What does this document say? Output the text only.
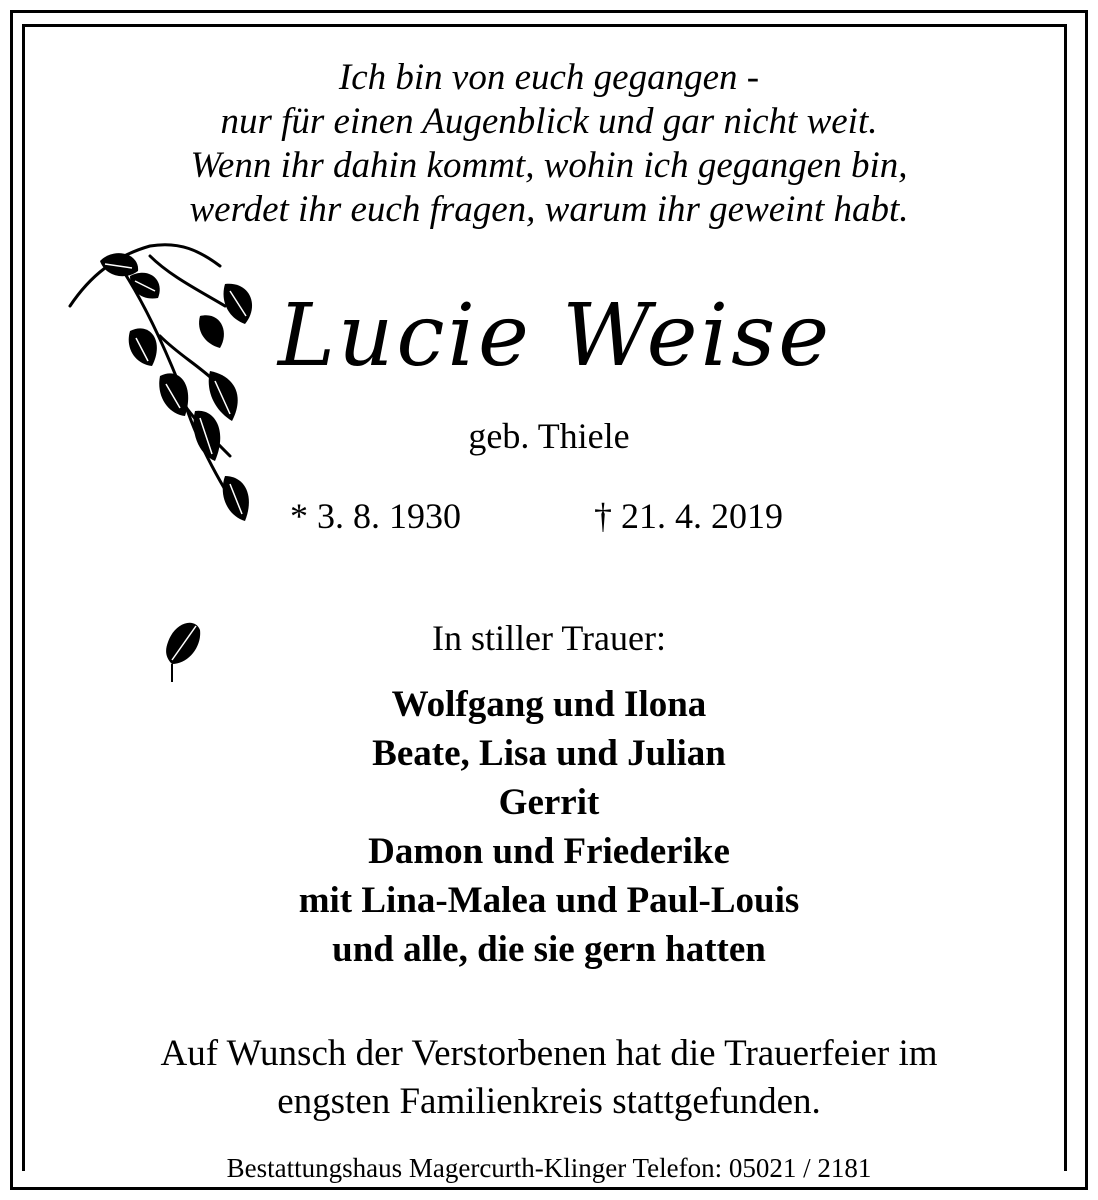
Ich bin von euch gegangen -
nur für einen Augenblick und gar nicht weit.
Wenn ihr dahin kommt, wohin ich gegangen bin,
werdet ihr euch fragen, warum ihr geweint habt.
Lucie Weise
geb. Thiele
* 3. 8. 1930	† 21. 4. 2019
In stiller Trauer:
Wolfgang und Ilona
Beate, Lisa und Julian
Gerrit
Damon und Friederike
mit Lina-Malea und Paul-Louis
und alle, die sie gern hatten
Auf Wunsch der Verstorbenen hat die Trauerfeier im
engsten Familienkreis stattgefunden.
Bestattungshaus Magercurth-Klinger Telefon: 05021 / 2181
